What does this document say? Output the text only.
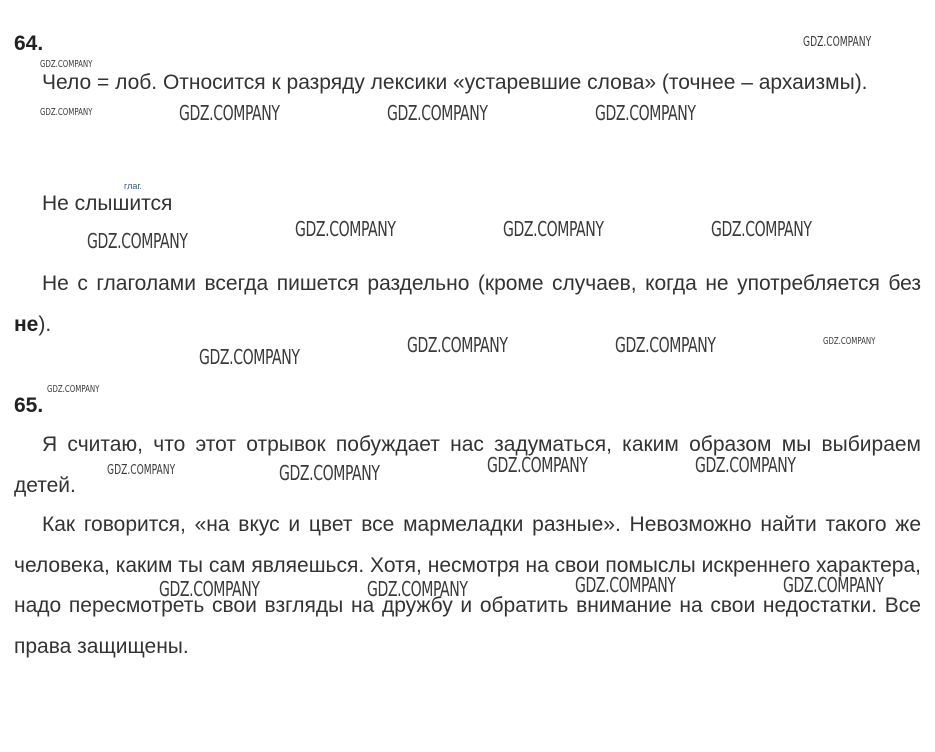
64.

Чело = лоб. Относится к разряду лексики «устаревшие слова» (точнее – архаизмы).

глаг.

Не слышится

Не с глаголами всегда пишется раздельно (кроме случаев, когда не употребляется без не).

65.

Я считаю, что этот отрывок побуждает нас задуматься, каким образом мы выбираем детей.

Как говорится, «на вкус и цвет все мармеладки разные». Невозможно найти такого же человека, каким ты сам являешься. Хотя, несмотря на свои помыслы искреннего характера, надо пересмотреть свои взгляды на дружбу и обратить внимание на свои недостатки. Все права защищены.

GDZ.COMPANY
GDZ.COMPANY
GDZ.COMPANY	GDZ.COMPANY	GDZ.COMPANY	GDZ.COMPANY
GDZ.COMPANY	GDZ.COMPANY	GDZ.COMPANY
GDZ.COMPANY
GDZ.COMPANY
GDZ.COMPANY	GDZ.COMPANY
GDZ.COMPANY
GDZ.COMPANY
GDZ.COMPANY	GDZ.COMPANY
GDZ.COMPANY	GDZ.COMPANY
GDZ.COMPANY	GDZ.COMPANY
GDZ.COMPANY	GDZ.COMPANY
